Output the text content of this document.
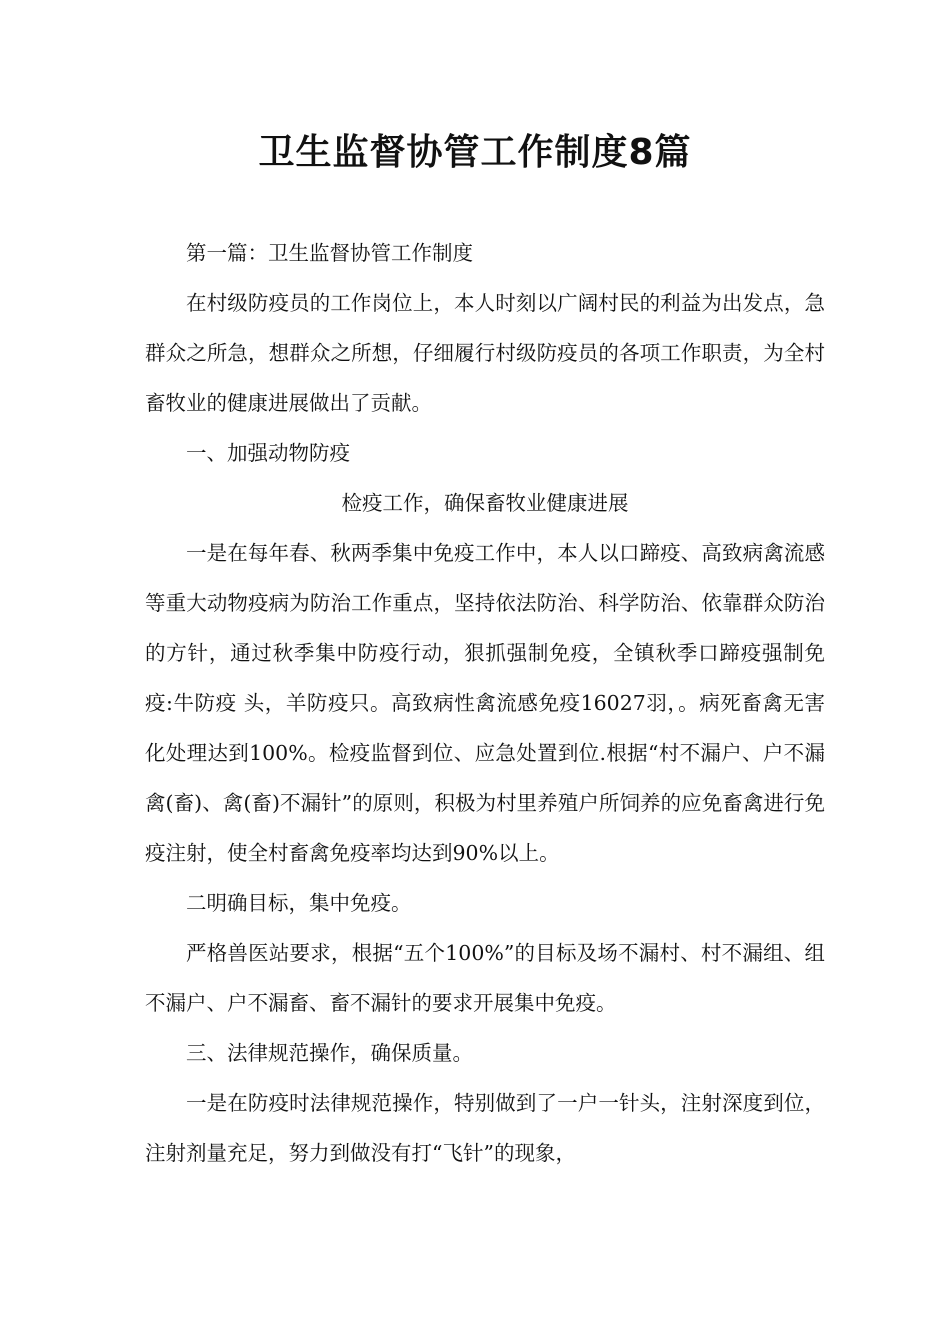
卫生监督协管工作制度8篇

第一篇：卫生监督协管工作制度

在村级防疫员的工作岗位上，本人时刻以广阔村民的利益为出发点，急群众之所急，想群众之所想，仔细履行村级防疫员的各项工作职责，为全村畜牧业的健康进展做出了贡献。

一、加强动物防疫

检疫工作，确保畜牧业健康进展

一是在每年春、秋两季集中免疫工作中，本人以口蹄疫、高致病禽流感等重大动物疫病为防治工作重点，坚持依法防治、科学防治、依靠群众防治的方针，通过秋季集中防疫行动，狠抓强制免疫，全镇秋季口蹄疫强制免疫:牛防疫 头，羊防疫只。高致病性禽流感免疫16027羽，。病死畜禽无害化处理达到100%。检疫监督到位、应急处置到位.根据“村不漏户、户不漏禽(畜)、禽(畜)不漏针”的原则，积极为村里养殖户所饲养的应免畜禽进行免疫注射，使全村畜禽免疫率均达到90%以上。

二明确目标，集中免疫。

严格兽医站要求，根据“五个100%”的目标及场不漏村、村不漏组、组不漏户、户不漏畜、畜不漏针的要求开展集中免疫。

三、法律规范操作，确保质量。

一是在防疫时法律规范操作，特别做到了一户一针头，注射深度到位，注射剂量充足，努力到做没有打“飞针”的现象，
